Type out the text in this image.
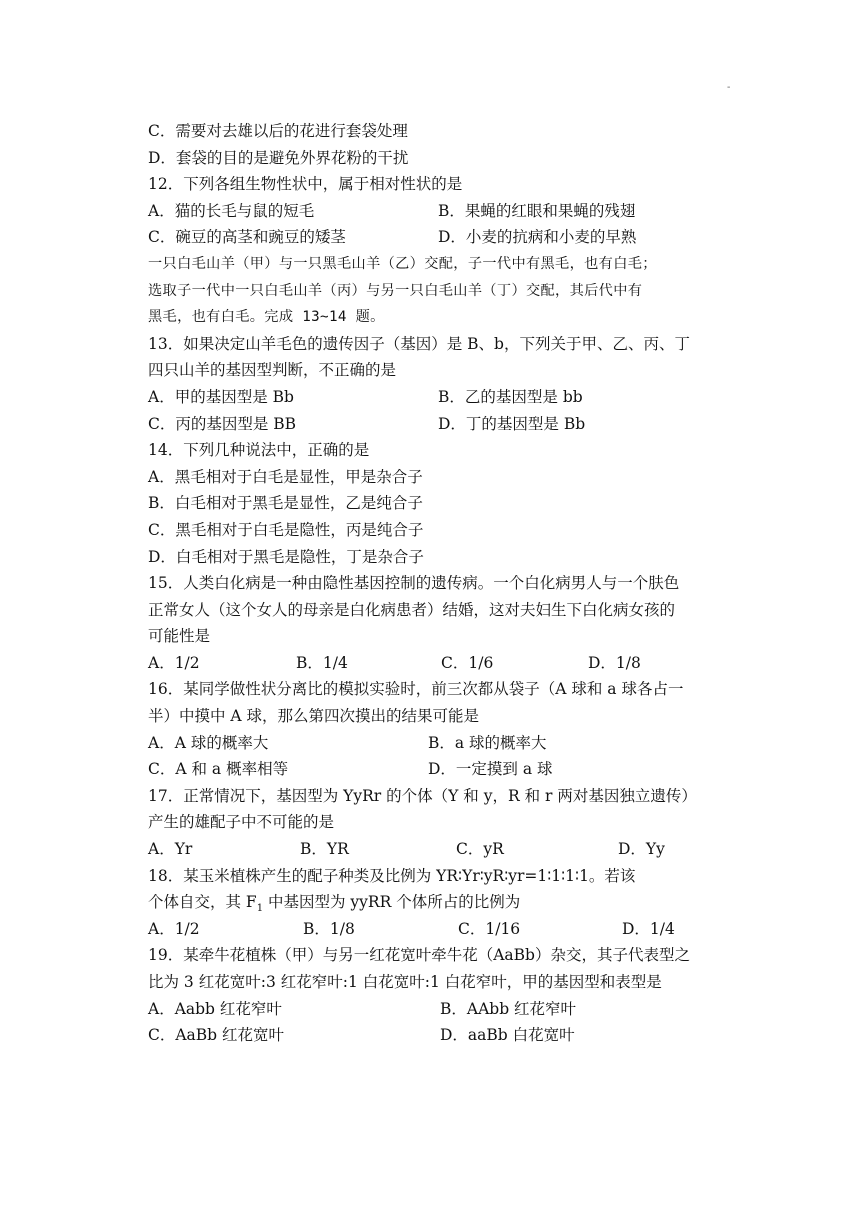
-
C．需要对去雄以后的花进行套袋处理
D．套袋的目的是避免外界花粉的干扰
12．下列各组生物性状中，属于相对性状的是
A．猫的长毛与鼠的短毛	B．果蝇的红眼和果蝇的残翅
C．碗豆的高茎和豌豆的矮茎	D．小麦的抗病和小麦的早熟
一只白毛山羊（甲）与一只黑毛山羊（乙）交配，子一代中有黑毛，也有白毛；
选取子一代中一只白毛山羊（丙）与另一只白毛山羊（丁）交配，其后代中有
黑毛，也有白毛。完成 13~14 题。
13．如果决定山羊毛色的遗传因子（基因）是 B、b，下列关于甲、乙、丙、丁
四只山羊的基因型判断，不正确的是
A．甲的基因型是 Bb	B．乙的基因型是 bb
C．丙的基因型是 BB	D．丁的基因型是 Bb
14．下列几种说法中，正确的是
A．黑毛相对于白毛是显性，甲是杂合子
B．白毛相对于黑毛是显性，乙是纯合子
C．黑毛相对于白毛是隐性，丙是纯合子
D．白毛相对于黑毛是隐性，丁是杂合子
15．人类白化病是一种由隐性基因控制的遗传病。一个白化病男人与一个肤色
正常女人（这个女人的母亲是白化病患者）结婚，这对夫妇生下白化病女孩的
可能性是
A．1/2	B．1/4	C．1/6	D．1/8
16．某同学做性状分离比的模拟实验时，前三次都从袋子（A 球和 a 球各占一
半）中摸中 A 球，那么第四次摸出的结果可能是
A．A 球的概率大	B．a 球的概率大
C．A 和 a 概率相等	D．一定摸到 a 球
17．正常情况下，基因型为 YyRr 的个体（Y 和 y，R 和 r 两对基因独立遗传）
产生的雄配子中不可能的是
A．Yr	B．YR	C．yR	D．Yy
18．某玉米植株产生的配子种类及比例为 YR∶Yr∶yR∶yr=1∶1∶1∶1。若该
个体自交，其 $F_1$ 中基因型为 yyRR 个体所占的比例为
A．1/2	B．1/8	C．1/16	D．1/4
19．某牵牛花植株（甲）与另一红花宽叶牵牛花（AaBb）杂交，其子代表型之
比为 3 红花宽叶:3 红花窄叶:1 白花宽叶:1 白花窄叶，甲的基因型和表型是
A．Aabb 红花窄叶	B．AAbb 红花窄叶
C．AaBb 红花宽叶	D．aaBb 白花宽叶
